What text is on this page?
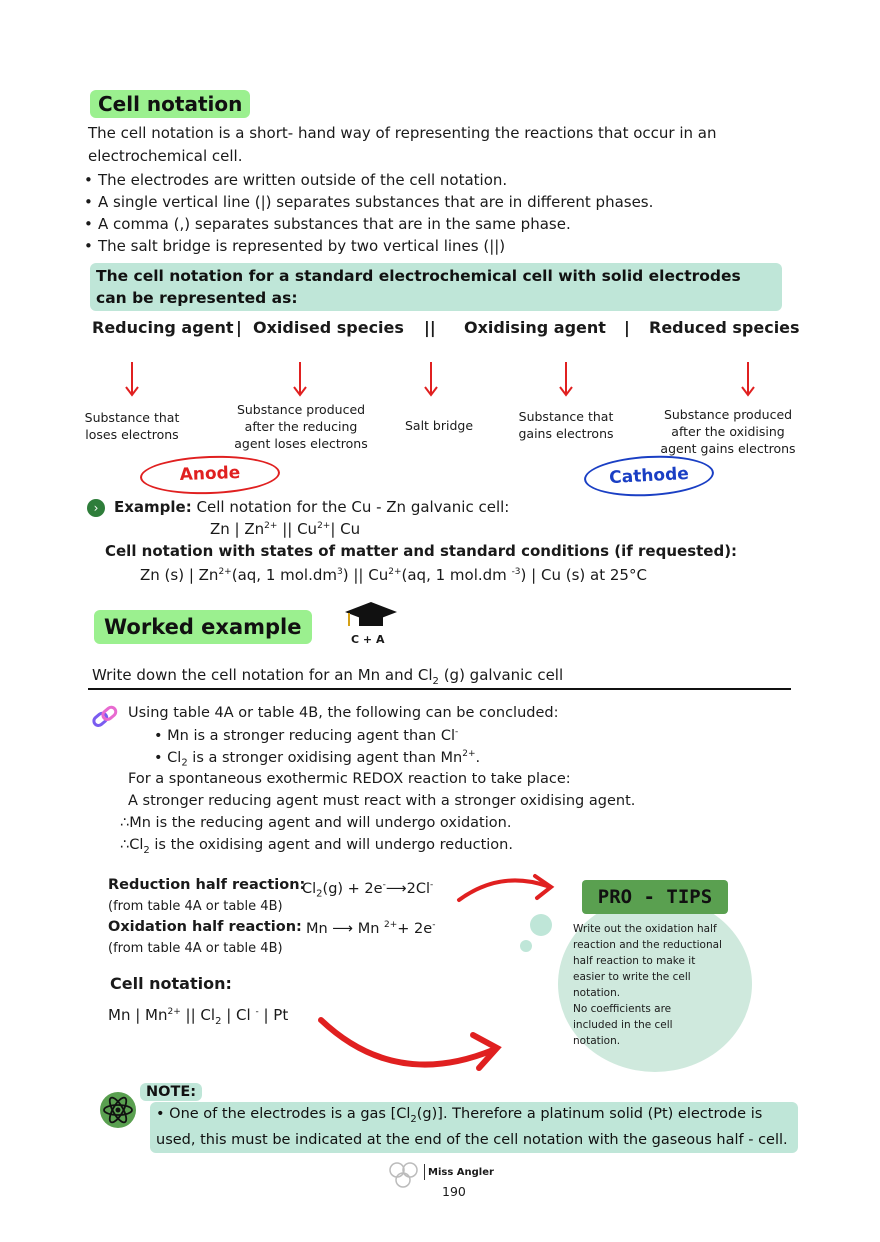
Cell notation
The cell notation is a short- hand way of representing the reactions that occur in an electrochemical cell.
• The electrodes are written outside of the cell notation.
• A single vertical line (|) separates substances that are in different phases.
• A comma (,) separates substances that are in the same phase.
• The salt bridge is represented by two vertical lines (||)
The cell notation for a standard electrochemical cell with solid electrodes can be represented as:
Reducing agent | Oxidised species || Oxidising agent | Reduced species
Substance that loses electrons
Substance produced after the reducing agent loses electrons
Salt bridge
Substance that gains electrons
Substance produced after the oxidising agent gains electrons
Anode	Cathode
›	Example: Cell notation for the Cu - Zn galvanic cell:
Zn | $Zn^{2+}$ || $Cu^{2+}|$ Cu
Cell notation with states of matter and standard conditions (if requested):
Zn (s) | $Zn^{2+}(aq$, 1 $mol.dm^3$) || $Cu^{2+}(aq$, 1 mol.dm $^{-3}$) | Cu (s) at 25°C
Worked example
C + A
Write down the cell notation for an Mn and $Cl_2$ (g) galvanic cell
Using table 4A or table 4B, the following can be concluded:
• Mn is a stronger reducing agent than Cl-
• $Cl_2$ is a stronger oxidising agent than $Mn^{2+}$.
For a spontaneous exothermic REDOX reaction to take place:
A stronger reducing agent must react with a stronger oxidising agent.
∴Mn is the reducing agent and will undergo oxidation.
$\therefore Cl_2$ is the oxidising agent and will undergo reduction.
Reduction half reaction:
(from table 4A or table 4B)
$Cl_2(g)$ + 2e-⟶2Cl-
Oxidation half reaction:
(from table 4A or table 4B)
Mn ⟶ Mn $^{2+}$+ 2e-
Cell notation:
Mn | $Mn^{2+}$ || $Cl_2$ | Cl - | Pt
PRO - TIPS
Write out the oxidation half reaction and the reductional half reaction to make it easier to write the cell notation.
No coefficients are included in the cell notation.
NOTE:
• One of the electrodes is a gas $[Cl_2(g)]$. Therefore a platinum solid (Pt) electrode is used, this must be indicated at the end of the cell notation with the gaseous half - cell.
Miss Angler
190
